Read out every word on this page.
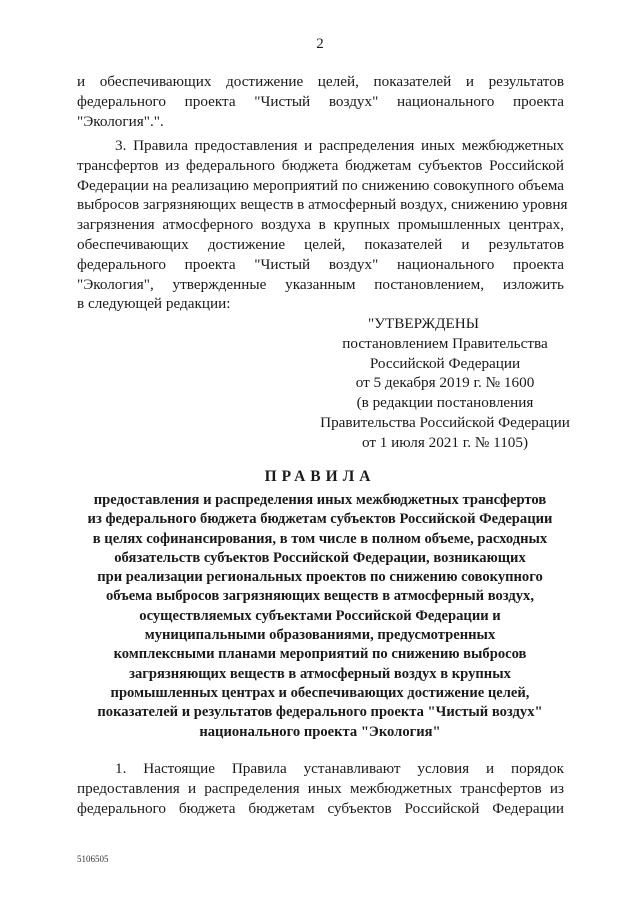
2
и обеспечивающих достижение целей, показателей и результатов
федерального проекта "Чистый воздух" национального проекта
"Экология".".
3. Правила предоставления и распределения иных межбюджетных
трансфертов из федерального бюджета бюджетам субъектов Российской
Федерации на реализацию мероприятий по снижению совокупного объема
выбросов загрязняющих веществ в атмосферный воздух, снижению уровня
загрязнения атмосферного воздуха в крупных промышленных центрах,
обеспечивающих достижение целей, показателей и результатов
федерального проекта "Чистый воздух" национального проекта
"Экология", утвержденные указанным постановлением, изложить
в следующей редакции:
"УТВЕРЖДЕНЫ
постановлением Правительства
Российской Федерации
от 5 декабря 2019 г. № 1600
(в редакции постановления
Правительства Российской Федерации
от 1 июля 2021 г. № 1105)
ПРАВИЛА
предоставления и распределения иных межбюджетных трансфертов
из федерального бюджета бюджетам субъектов Российской Федерации
в целях софинансирования, в том числе в полном объеме, расходных
обязательств субъектов Российской Федерации, возникающих
при реализации региональных проектов по снижению совокупного
объема выбросов загрязняющих веществ в атмосферный воздух,
осуществляемых субъектами Российской Федерации и
муниципальными образованиями, предусмотренных
комплексными планами мероприятий по снижению выбросов
загрязняющих веществ в атмосферный воздух в крупных
промышленных центрах и обеспечивающих достижение целей,
показателей и результатов федерального проекта "Чистый воздух"
национального проекта "Экология"
1. Настоящие Правила устанавливают условия и порядок
предоставления и распределения иных межбюджетных трансфертов из
федерального бюджета бюджетам субъектов Российской Федерации
5106505
